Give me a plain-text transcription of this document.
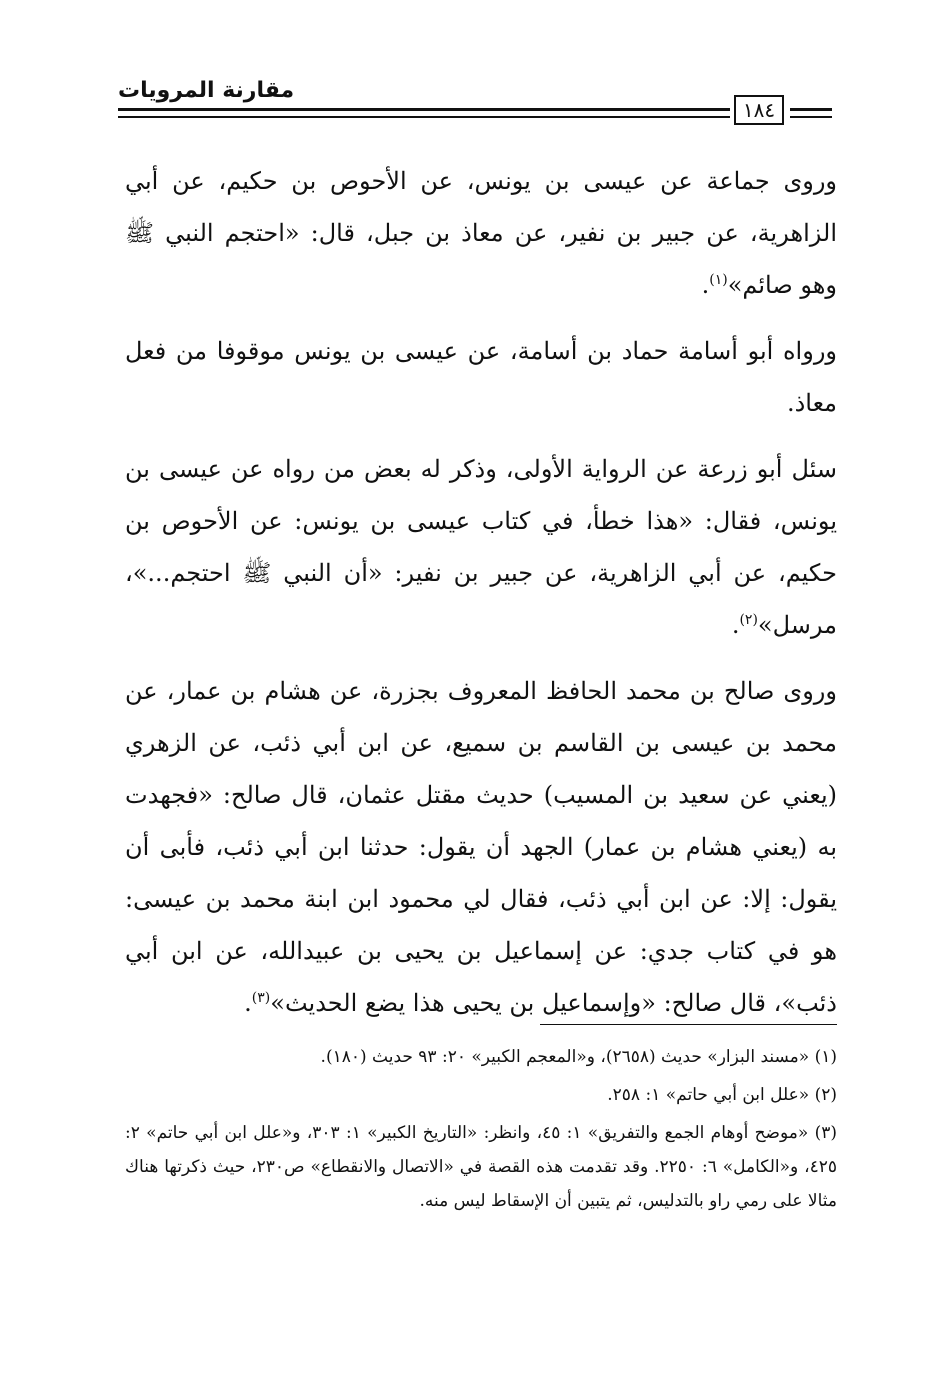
مقارنة المرويات
١٨٤

وروى جماعة عن عيسى بن يونس، عن الأحوص بن حكيم، عن أبي الزاهرية، عن جبير بن نفير، عن معاذ بن جبل، قال: «احتجم النبي ﷺ وهو صائم»$^{(١)}$.

ورواه أبو أسامة حماد بن أسامة، عن عيسى بن يونس موقوفا من فعل معاذ.

سئل أبو زرعة عن الرواية الأولى، وذكر له بعض من رواه عن عيسى بن يونس، فقال: «هذا خطأ، في كتاب عيسى بن يونس: عن الأحوص بن حكيم، عن أبي الزاهرية، عن جبير بن نفير: «أن النبي ﷺ احتجم...»، مرسل»$^{(٢)}$.

وروى صالح بن محمد الحافظ المعروف بجزرة، عن هشام بن عمار، عن محمد بن عيسى بن القاسم بن سميع، عن ابن أبي ذئب، عن الزهري (يعني عن سعيد بن المسيب) حديث مقتل عثمان، قال صالح: «فجهدت به (يعني هشام بن عمار) الجهد أن يقول: حدثنا ابن أبي ذئب، فأبى أن يقول: إلا: عن ابن أبي ذئب، فقال لي محمود ابن ابنة محمد بن عيسى: هو في كتاب جدي: عن إسماعيل بن يحيى بن عبيدالله، عن ابن أبي ذئب»، قال صالح: «وإسماعيل بن يحيى هذا يضع الحديث»$^{(٣)}$.

(١) «مسند البزار» حديث (٢٦٥٨)، و«المعجم الكبير» ٢٠: ٩٣ حديث (١٨٠).

(٢) «علل ابن أبي حاتم» ١: ٢٥٨.

(٣) «موضح أوهام الجمع والتفريق» ١: ٤٥، وانظر: «التاريخ الكبير» ١: ٣٠٣، و«علل ابن أبي حاتم» ٢: ٤٢٥، و«الكامل» ٦: ٢٢٥٠. وقد تقدمت هذه القصة في «الاتصال والانقطاع» ص٢٣٠، حيث ذكرتها هناك مثالا على رمي راو بالتدليس، ثم يتبين أن الإسقاط ليس منه.
